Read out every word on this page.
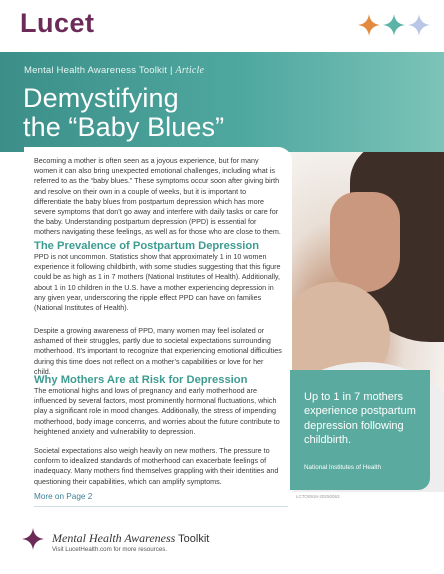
Lucet
Mental Health Awareness Toolkit | Article
Demystifying
the “Baby Blues”

Becoming a mother is often seen as a joyous experience, but for many women it can also bring unexpected emotional challenges, including what is referred to as the “baby blues.” These symptoms occur soon after giving birth and resolve on their own in a couple of weeks, but it is important to differentiate the baby blues from postpartum depression which has more severe symptoms that don’t go away and interfere with daily tasks or care for the baby. Understanding postpartum depression (PPD) is essential for mothers navigating these feelings, as well as for those who are close to them.

The Prevalence of Postpartum Depression

PPD is not uncommon. Statistics show that approximately 1 in 10 women experience it following childbirth, with some studies suggesting that this figure could be as high as 1 in 7 mothers (National Institutes of Health). Additionally, about 1 in 10 children in the U.S. have a mother experiencing depression in any given year, underscoring the ripple effect PPD can have on families (National Institutes of Health).

Despite a growing awareness of PPD, many women may feel isolated or ashamed of their struggles, partly due to societal expectations surrounding motherhood. It’s important to recognize that experiencing emotional difficulties during this time does not reflect on a mother’s capabilities or love for her child.

Why Mothers Are at Risk for Depression

The emotional highs and lows of pregnancy and early motherhood are influenced by several factors, most prominently hormonal fluctuations, which play a significant role in mood changes. Additionally, the stress of impending motherhood, body image concerns, and worries about the future contribute to heightened anxiety and vulnerability to depression.

Societal expectations also weigh heavily on new mothers. The pressure to conform to idealized standards of motherhood can exacerbate feelings of inadequacy. Many mothers find themselves grappling with their identities and questioning their capabilities, which can amplify symptoms.

Up to 1 in 7 mothers experience postpartum depression following childbirth.
National Institutes of Health
LCTO0916-20250063
More on Page 2
Mental Health Awareness Toolkit
Visit LucetHealth.com for more resources.
